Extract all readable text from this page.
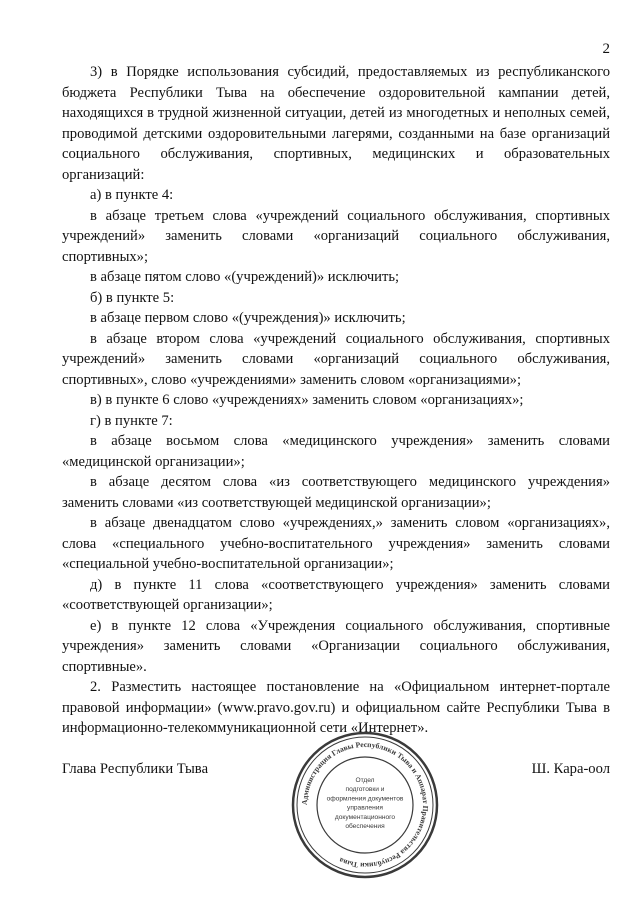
2

3) в Порядке использования субсидий, предоставляемых из республиканского бюджета Республики Тыва на обеспечение оздоровительной кампании детей, находящихся в трудной жизненной ситуации, детей из многодетных и неполных семей, проводимой детскими оздоровительными лагерями, созданными на базе организаций социального обслуживания, спортивных, медицинских и образовательных организаций:

а) в пункте 4:

в абзаце третьем слова «учреждений социального обслуживания, спортивных учреждений» заменить словами «организаций социального обслуживания, спортивных»;

в абзаце пятом слово «(учреждений)» исключить;

б) в пункте 5:

в абзаце первом слово «(учреждения)» исключить;

в абзаце втором слова «учреждений социального обслуживания, спортивных учреждений» заменить словами «организаций социального обслуживания, спортивных», слово «учреждениями» заменить словом «организациями»;

в) в пункте 6 слово «учреждениях» заменить словом «организациях»;

г) в пункте 7:

в абзаце восьмом слова «медицинского учреждения» заменить словами «медицинской организации»;

в абзаце десятом слова «из соответствующего медицинского учреждения» заменить словами «из соответствующей медицинской организации»;

в абзаце двенадцатом слово «учреждениях,» заменить словом «организациях», слова «специального учебно-воспитательного учреждения» заменить словами «специальной учебно-воспитательной организации»;

д) в пункте 11 слова «соответствующего учреждения» заменить словами «соответствующей организации»;

е) в пункте 12 слова «Учреждения социального обслуживания, спортивные учреждения» заменить словами «Организации социального обслуживания, спортивные».

2. Разместить настоящее постановление на «Официальном интернет-портале правовой информации» (www.pravo.gov.ru) и официальном сайте Республики Тыва в информационно-телекоммуникационной сети «Интернет».

Глава Республики Тывa	Ш. Кара-оол
Администрация Главы Республики Тыва и Аппарат Правительства Республики Тыва
Отдел
подготовки и
оформления документов
управления
документационного
обеспечения
